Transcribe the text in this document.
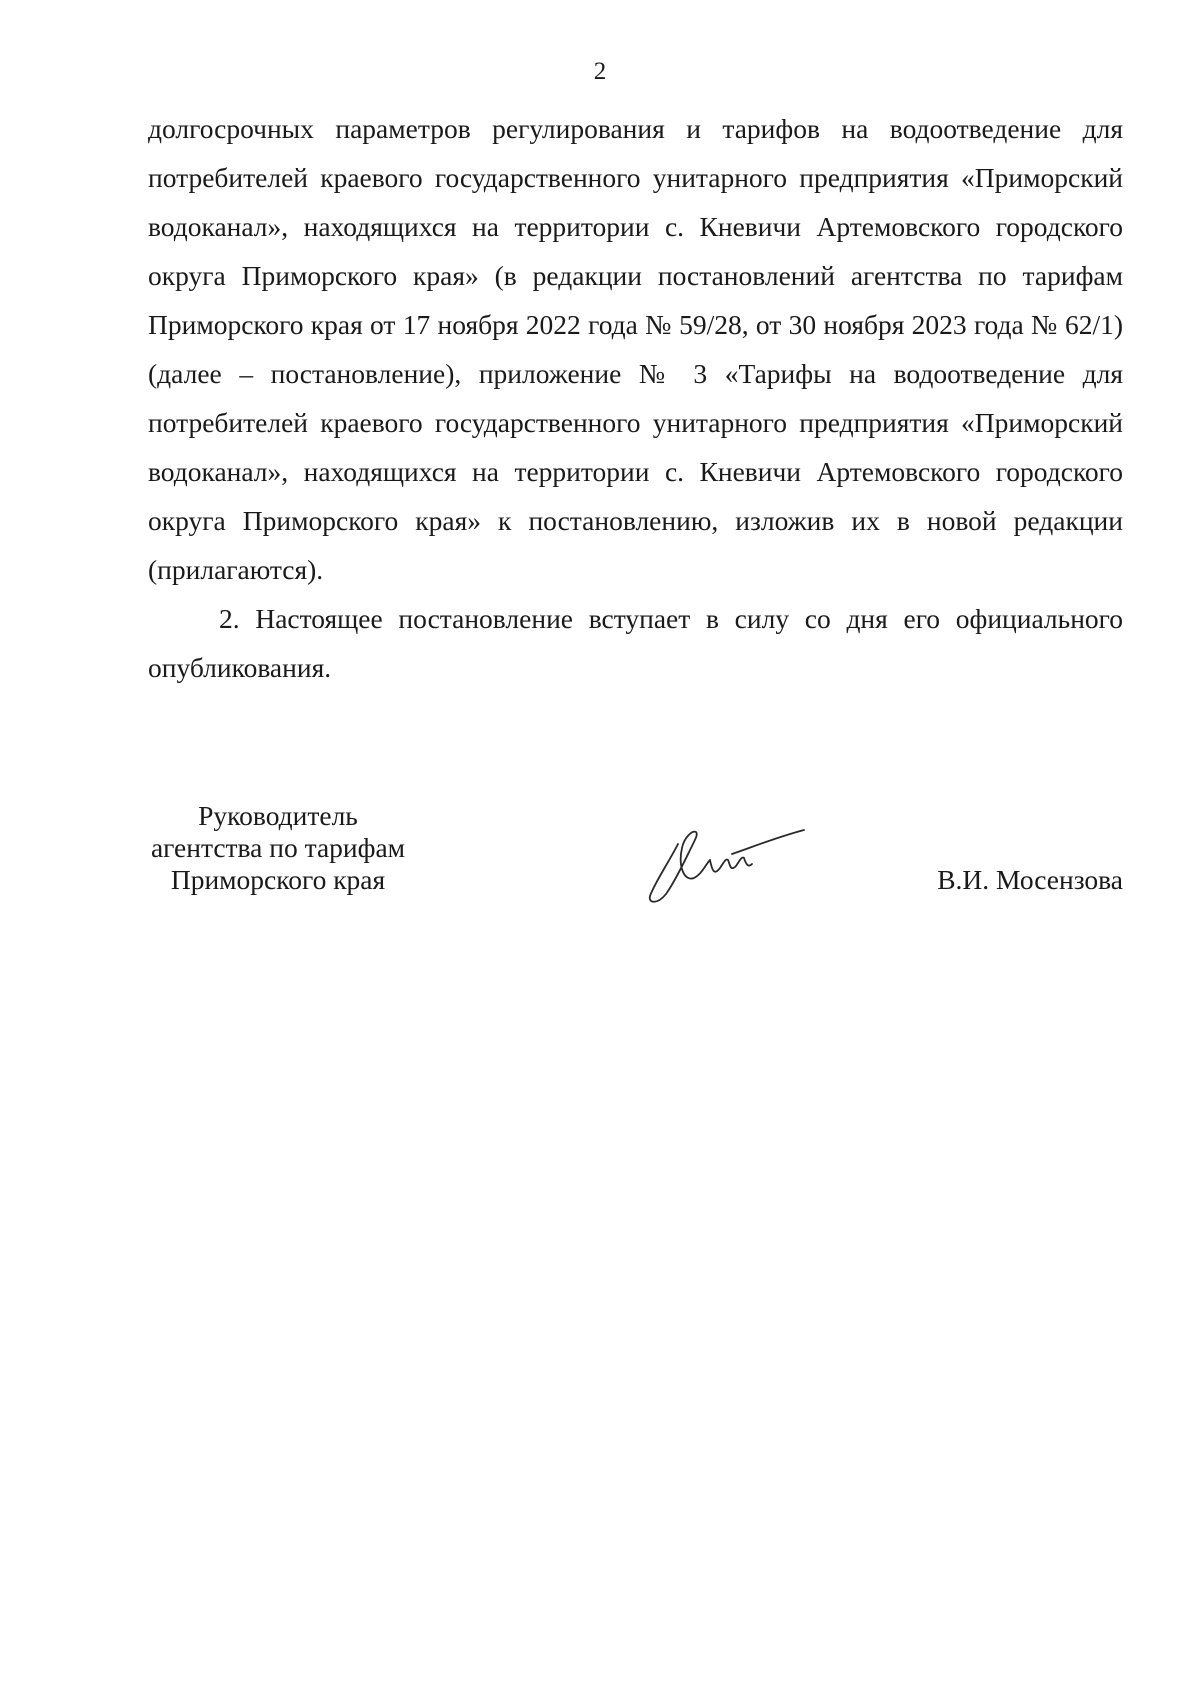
2

долгосрочных параметров регулирования и тарифов на водоотведение для потребителей краевого государственного унитарного предприятия «Приморский водоканал», находящихся на территории с. Кневичи Артемовского городского округа Приморского края» (в редакции постановлений агентства по тарифам Приморского края от 17 ноября 2022 года № 59/28, от 30 ноября 2023 года № 62/1) (далее – постановление), приложение № 3 «Тарифы на водоотведение для потребителей краевого государственного унитарного предприятия «Приморский водоканал», находящихся на территории с. Кневичи Артемовского городского округа Приморского края» к постановлению, изложив их в новой редакции (прилагаются).

2. Настоящее постановление вступает в силу со дня его официального опубликования.

Руководитель
агентства по тарифам
Приморского края	В.И. Мосензова
